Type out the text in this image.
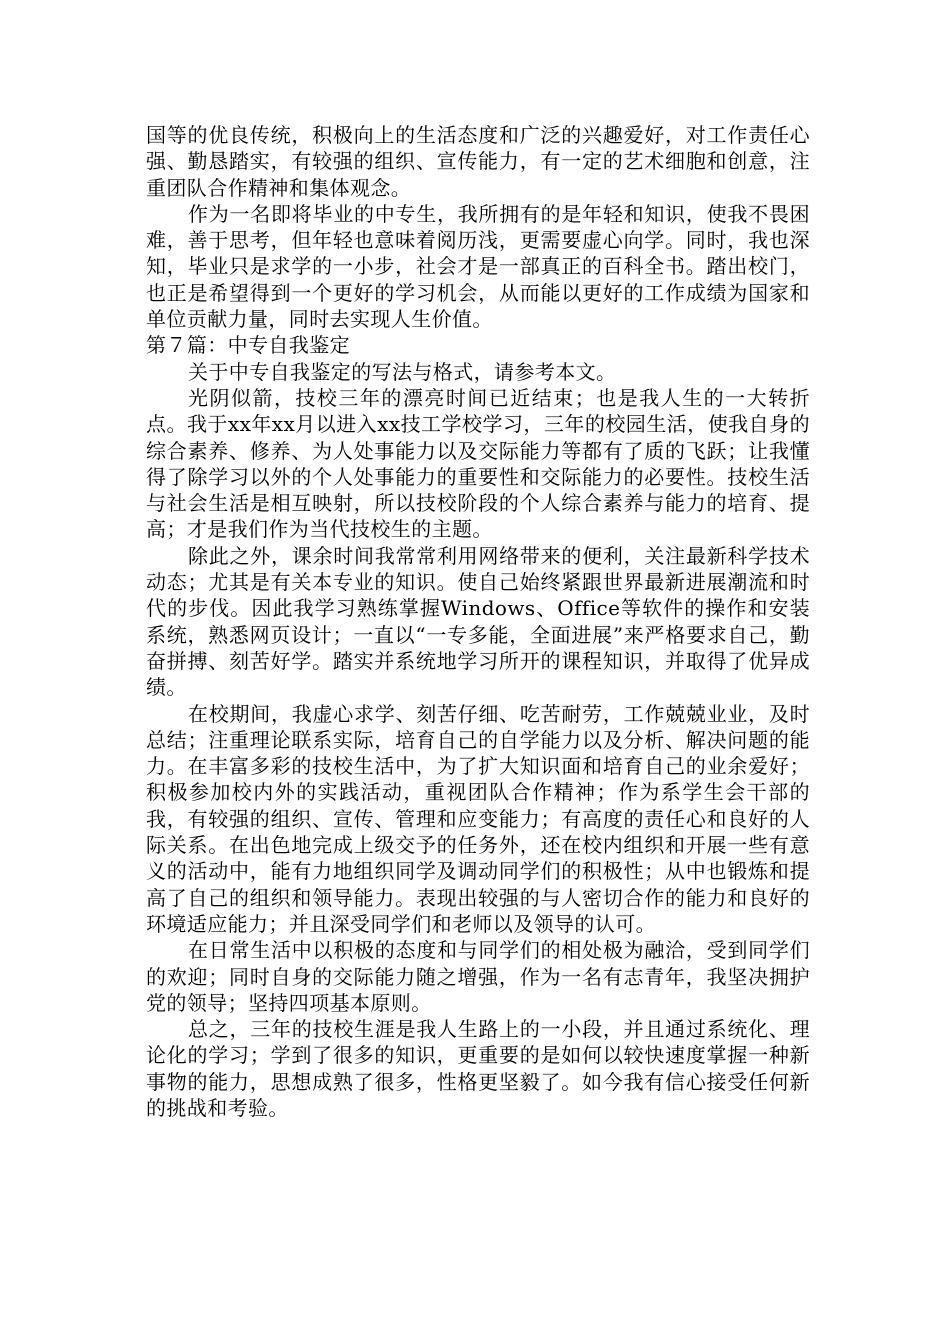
国等的优良传统，积极向上的生活态度和广泛的兴趣爱好，对工作责任心强、勤恳踏实，有较强的组织、宣传能力，有一定的艺术细胞和创意，注重团队合作精神和集体观念。

作为一名即将毕业的中专生，我所拥有的是年轻和知识，使我不畏困难，善于思考，但年轻也意味着阅历浅，更需要虚心向学。同时，我也深知，毕业只是求学的一小步，社会才是一部真正的百科全书。踏出校门，也正是希望得到一个更好的学习机会，从而能以更好的工作成绩为国家和单位贡献力量，同时去实现人生价值。

第７篇：中专自我鉴定

关于中专自我鉴定的写法与格式，请参考本文。

光阴似箭，技校三年的漂亮时间已近结束；也是我人生的一大转折点。我于xx年xx月以进入xx技工学校学习，三年的校园生活，使我自身的综合素养、修养、为人处事能力以及交际能力等都有了质的飞跃；让我懂得了除学习以外的个人处事能力的重要性和交际能力的必要性。技校生活与社会生活是相互映射，所以技校阶段的个人综合素养与能力的培育、提高；才是我们作为当代技校生的主题。

除此之外，课余时间我常常利用网络带来的便利，关注最新科学技术动态；尤其是有关本专业的知识。使自己始终紧跟世界最新进展潮流和时代的步伐。因此我学习熟练掌握Windows、Office等软件的操作和安装系统，熟悉网页设计；一直以“一专多能，全面进展”来严格要求自己，勤奋拼搏、刻苦好学。踏实并系统地学习所开的课程知识，并取得了优异成绩。

在校期间，我虚心求学、刻苦仔细、吃苦耐劳，工作兢兢业业，及时总结；注重理论联系实际，培育自己的自学能力以及分析、解决问题的能力。在丰富多彩的技校生活中，为了扩大知识面和培育自己的业余爱好；积极参加校内外的实践活动，重视团队合作精神；作为系学生会干部的我，有较强的组织、宣传、管理和应变能力；有高度的责任心和良好的人际关系。在出色地完成上级交予的任务外，还在校内组织和开展一些有意义的活动中，能有力地组织同学及调动同学们的积极性；从中也锻炼和提高了自己的组织和领导能力。表现出较强的与人密切合作的能力和良好的环境适应能力；并且深受同学们和老师以及领导的认可。

在日常生活中以积极的态度和与同学们的相处极为融洽，受到同学们的欢迎；同时自身的交际能力随之增强，作为一名有志青年，我坚决拥护党的领导；坚持四项基本原则。

总之，三年的技校生涯是我人生路上的一小段，并且通过系统化、理论化的学习；学到了很多的知识，更重要的是如何以较快速度掌握一种新事物的能力，思想成熟了很多，性格更坚毅了。如今我有信心接受任何新的挑战和考验。
